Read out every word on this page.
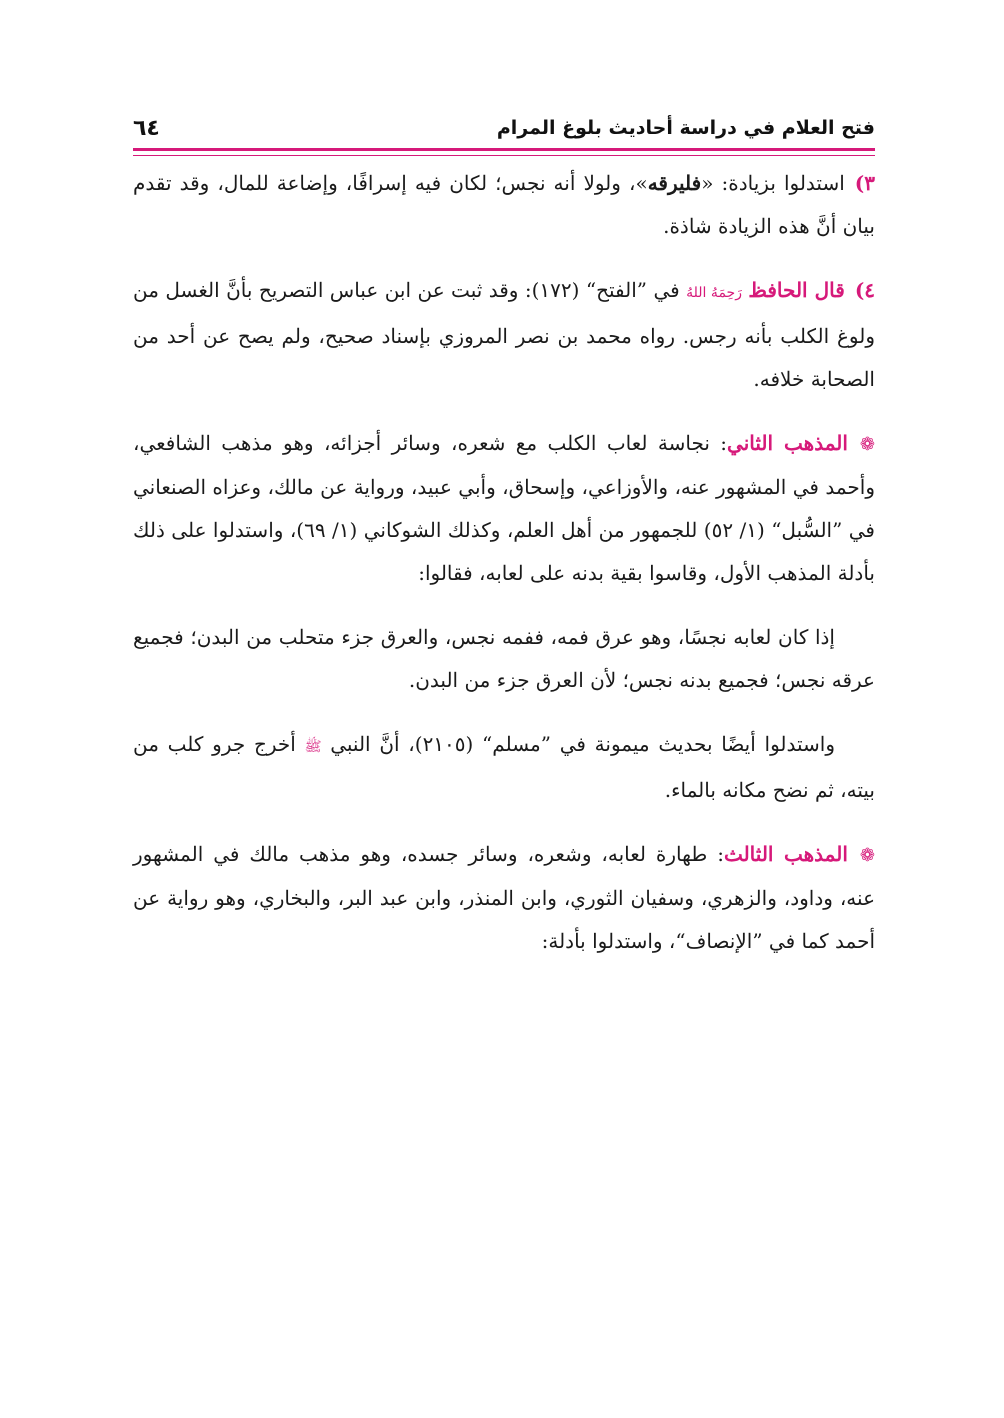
فتح العلام في دراسة أحاديث بلوغ المرام
٦٤

٣)استدلوا بزيادة: «فليرقه»، ولولا أنه نجس؛ لكان فيه إسرافًا، وإضاعة للمال، وقد تقدم بيان أنَّ هذه الزيادة شاذة.

٤)قال الحافظ رَحِمَهُ اللهُ في ”الفتح“ (١٧٢): وقد ثبت عن ابن عباس التصريح بأنَّ الغسل من ولوغ الكلب بأنه رجس. رواه محمد بن نصر المروزي بإسناد صحيح، ولم يصح عن أحد من الصحابة خلافه.

❁المذهب الثاني: نجاسة لعاب الكلب مع شعره، وسائر أجزائه، وهو مذهب الشافعي، وأحمد في المشهور عنه، والأوزاعي، وإسحاق، وأبي عبيد، ورواية عن مالك، وعزاه الصنعاني في ”السُّبل“ (١/ ٥٢) للجمهور من أهل العلم، وكذلك الشوكاني (١/ ٦٩)، واستدلوا على ذلك بأدلة المذهب الأول، وقاسوا بقية بدنه على لعابه، فقالوا:

إذا كان لعابه نجسًا، وهو عرق فمه، ففمه نجس، والعرق جزء متحلب من البدن؛ فجميع عرقه نجس؛ فجميع بدنه نجس؛ لأن العرق جزء من البدن.

واستدلوا أيضًا بحديث ميمونة في ”مسلم“ (٢١٠٥)، أنَّ النبي ﷺ أخرج جرو كلب من بيته، ثم نضح مكانه بالماء.

❁المذهب الثالث: طهارة لعابه، وشعره، وسائر جسده، وهو مذهب مالك في المشهور عنه، وداود، والزهري، وسفيان الثوري، وابن المنذر، وابن عبد البر، والبخاري، وهو رواية عن أحمد كما في ”الإنصاف“، واستدلوا بأدلة:
